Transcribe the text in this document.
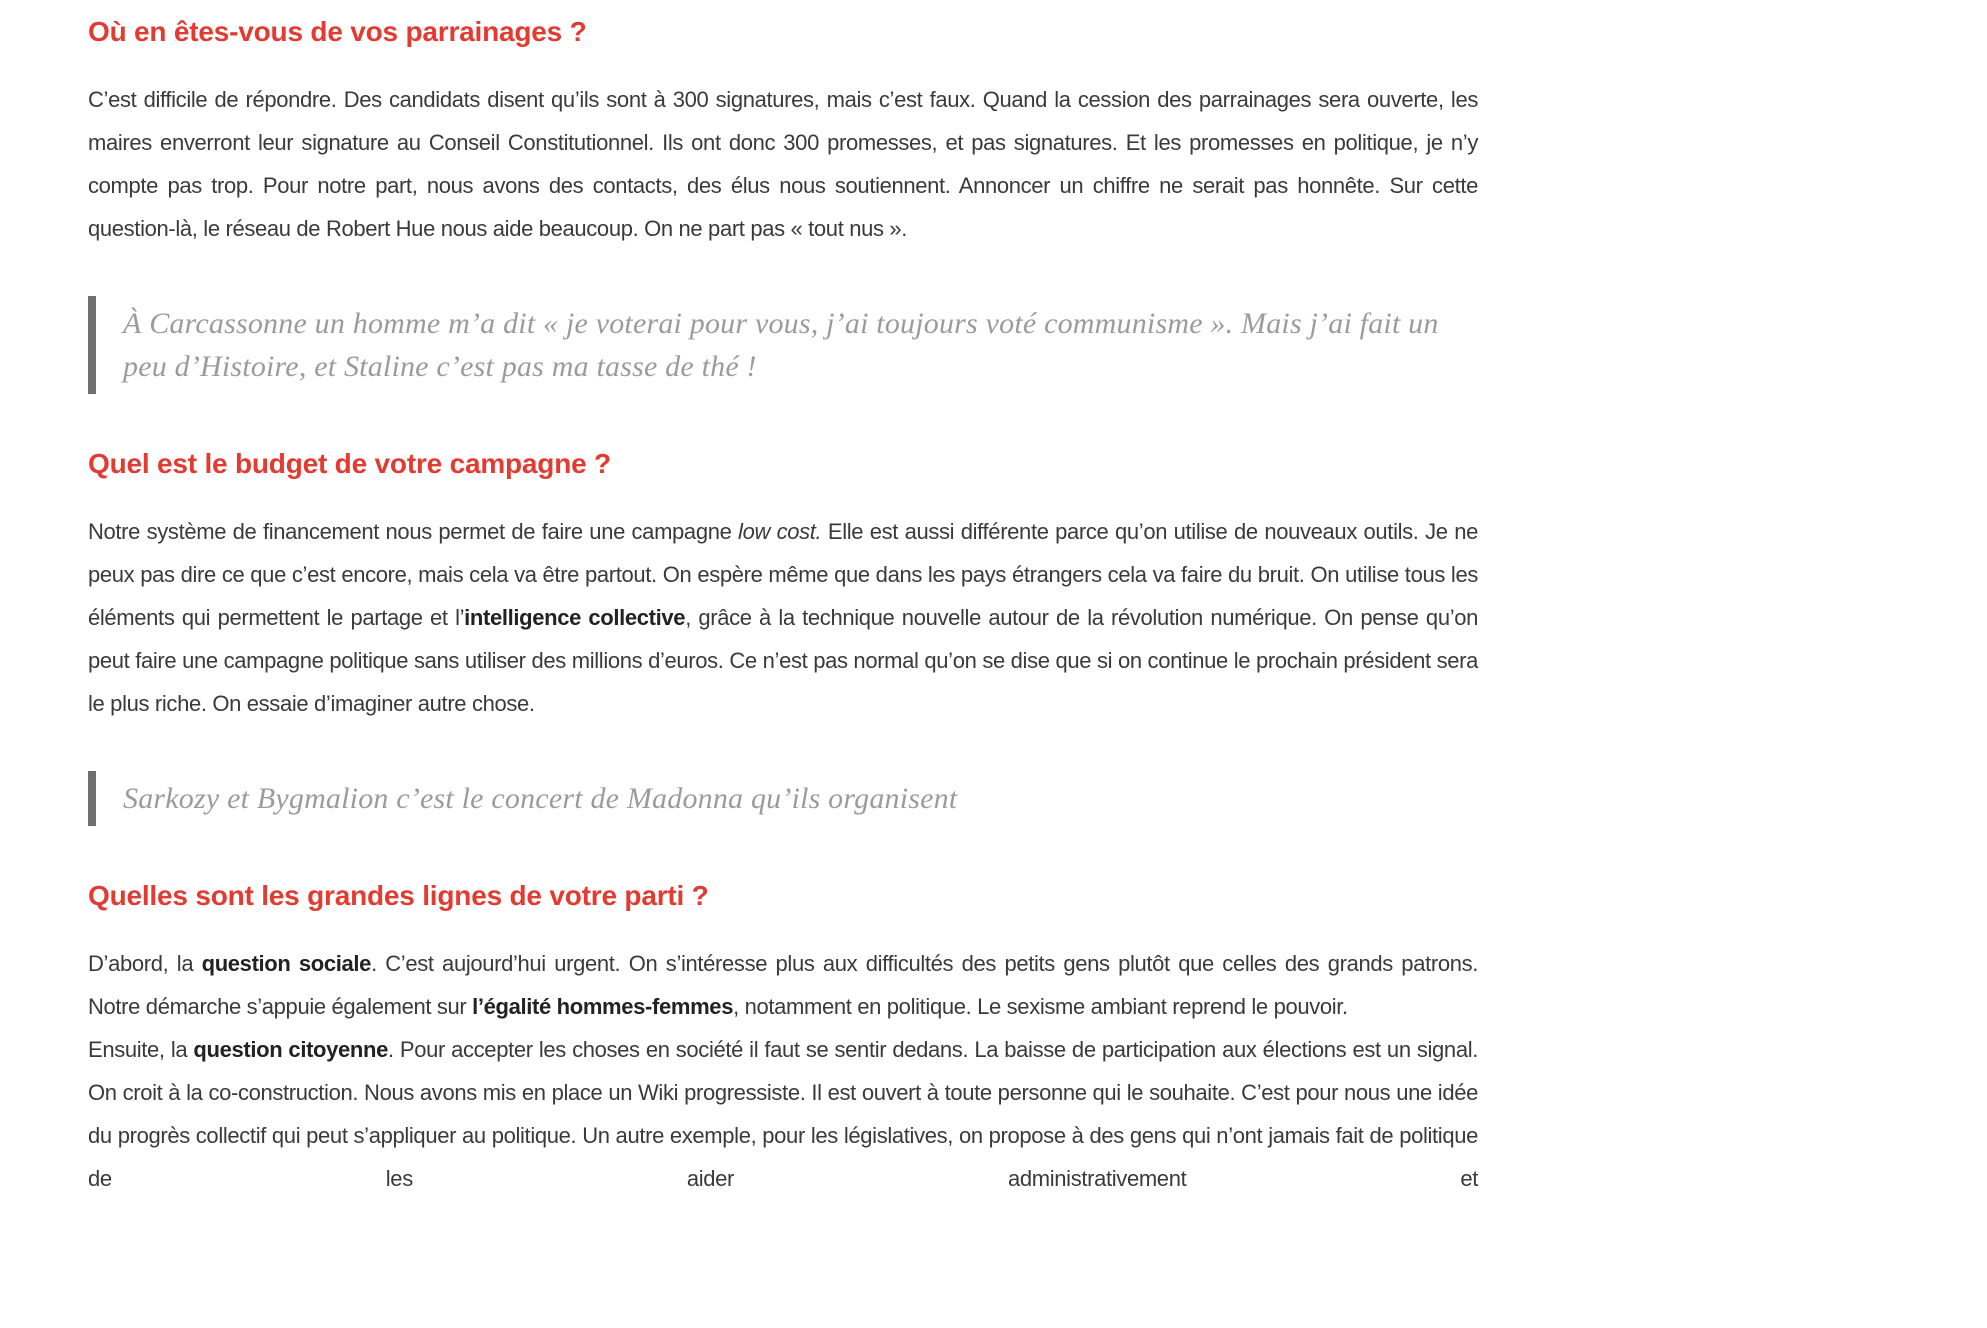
Où en êtes-vous de vos parrainages ?

C’est difficile de répondre. Des candidats disent qu’ils sont à 300 signatures, mais c’est faux. Quand la cession des parrainages sera ouverte, les maires enverront leur signature au Conseil Constitutionnel. Ils ont donc 300 promesses, et pas signatures. Et les promesses en politique, je n’y compte pas trop. Pour notre part, nous avons des contacts, des élus nous soutiennent. Annoncer un chiffre ne serait pas honnête. Sur cette question-là, le réseau de Robert Hue nous aide beaucoup. On ne part pas « tout nus ».

À Carcassonne un homme m’a dit « je voterai pour vous, j’ai toujours voté communisme ». Mais j’ai fait un peu d’Histoire, et Staline c’est pas ma tasse de thé !

Quel est le budget de votre campagne ?

Notre système de financement nous permet de faire une campagne low cost. Elle est aussi différente parce qu’on utilise de nouveaux outils. Je ne peux pas dire ce que c’est encore, mais cela va être partout. On espère même que dans les pays étrangers cela va faire du bruit. On utilise tous les éléments qui permettent le partage et l’intelligence collective, grâce à la technique nouvelle autour de la révolution numérique. On pense qu’on peut faire une campagne politique sans utiliser des millions d’euros. Ce n’est pas normal qu’on se dise que si on continue le prochain président sera le plus riche. On essaie d’imaginer autre chose.

Sarkozy et Bygmalion c’est le concert de Madonna qu’ils organisent

Quelles sont les grandes lignes de votre parti ?

D’abord, la question sociale. C’est aujourd’hui urgent. On s’intéresse plus aux difficultés des petits gens plutôt que celles des grands patrons. Notre démarche s’appuie également sur l’égalité hommes-femmes, notamment en politique. Le sexisme ambiant reprend le pouvoir.

Ensuite, la question citoyenne. Pour accepter les choses en société il faut se sentir dedans. La baisse de participation aux élections est un signal. On croit à la co-construction. Nous avons mis en place un Wiki progressiste. Il est ouvert à toute personne qui le souhaite. C’est pour nous une idée du progrès collectif qui peut s’appliquer au politique. Un autre exemple, pour les législatives, on propose à des gens qui n’ont jamais fait de politique de les aider administrativement et
